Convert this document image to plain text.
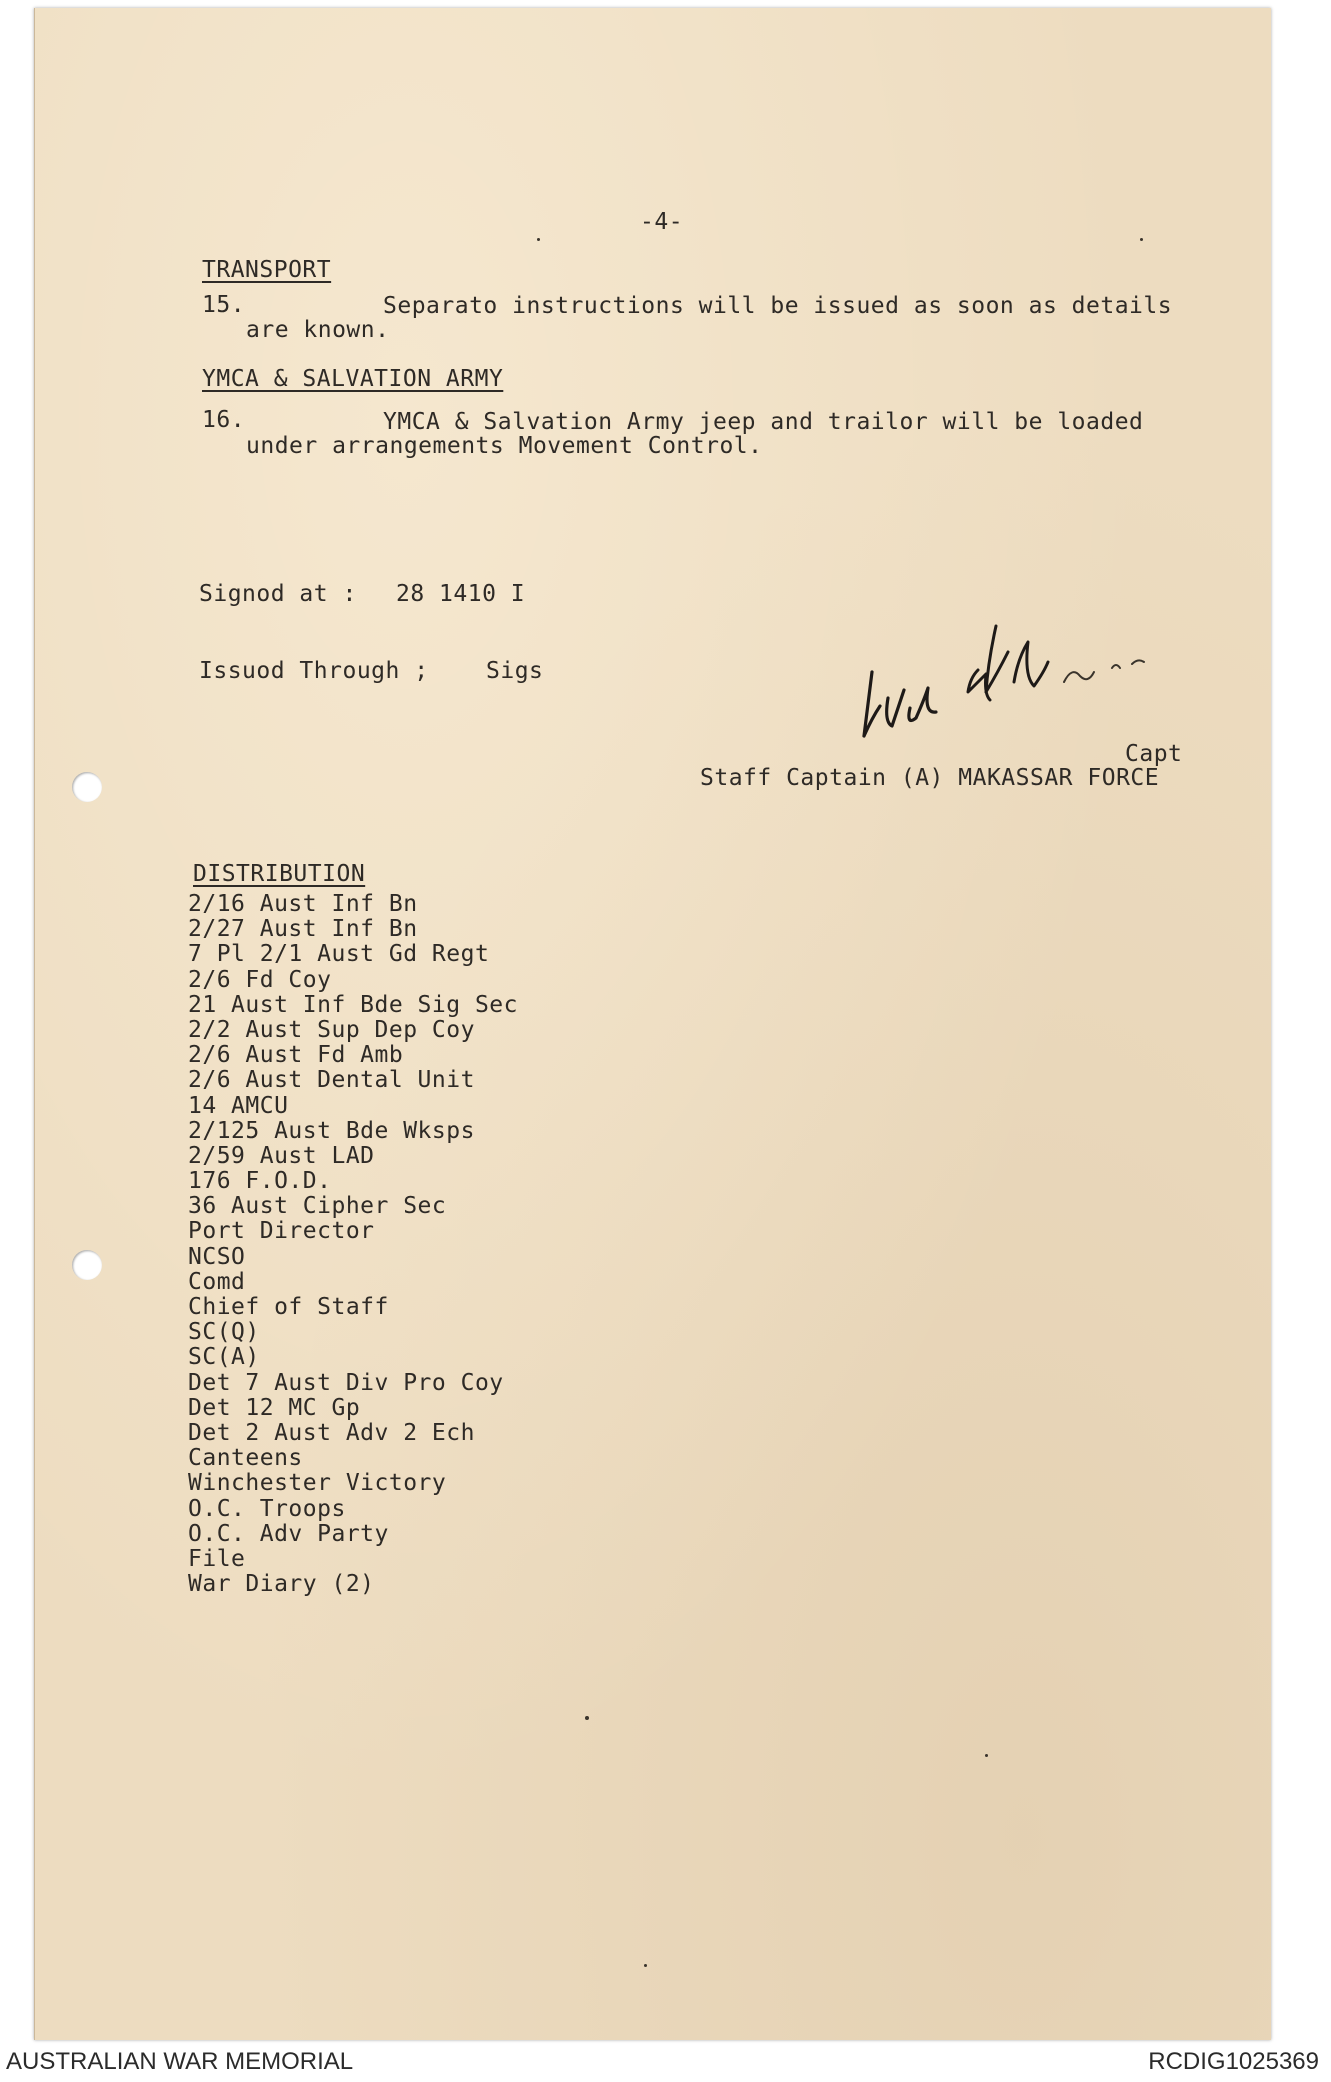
-4-
TRANSPORT
15.	Separato instructions will be issued as soon as details
are known.
YMCA & SALVATION ARMY
16.	YMCA & Salvation Army jeep and trailor will be loaded
under arrangements Movement Control.
Signod at : 28 1410 I
Issuod Through ; Sigs
Capt
Staff Captain (A) MAKASSAR FORCE
DISTRIBUTION
2/16 Aust Inf Bn
2/27 Aust Inf Bn
7 Pl 2/1 Aust Gd Regt
2/6 Fd Coy
21 Aust Inf Bde Sig Sec
2/2 Aust Sup Dep Coy
2/6 Aust Fd Amb
2/6 Aust Dental Unit
14 AMCU
2/125 Aust Bde Wksps
2/59 Aust LAD
176 F.O.D.
36 Aust Cipher Sec
Port Director
NCSO
Comd
Chief of Staff
SC(Q)
SC(A)
Det 7 Aust Div Pro Coy
Det 12 MC Gp
Det 2 Aust Adv 2 Ech
Canteens
Winchester Victory
O.C. Troops
O.C. Adv Party
File
War Diary (2)
AUSTRALIAN WAR MEMORIAL	RCDIG1025369
